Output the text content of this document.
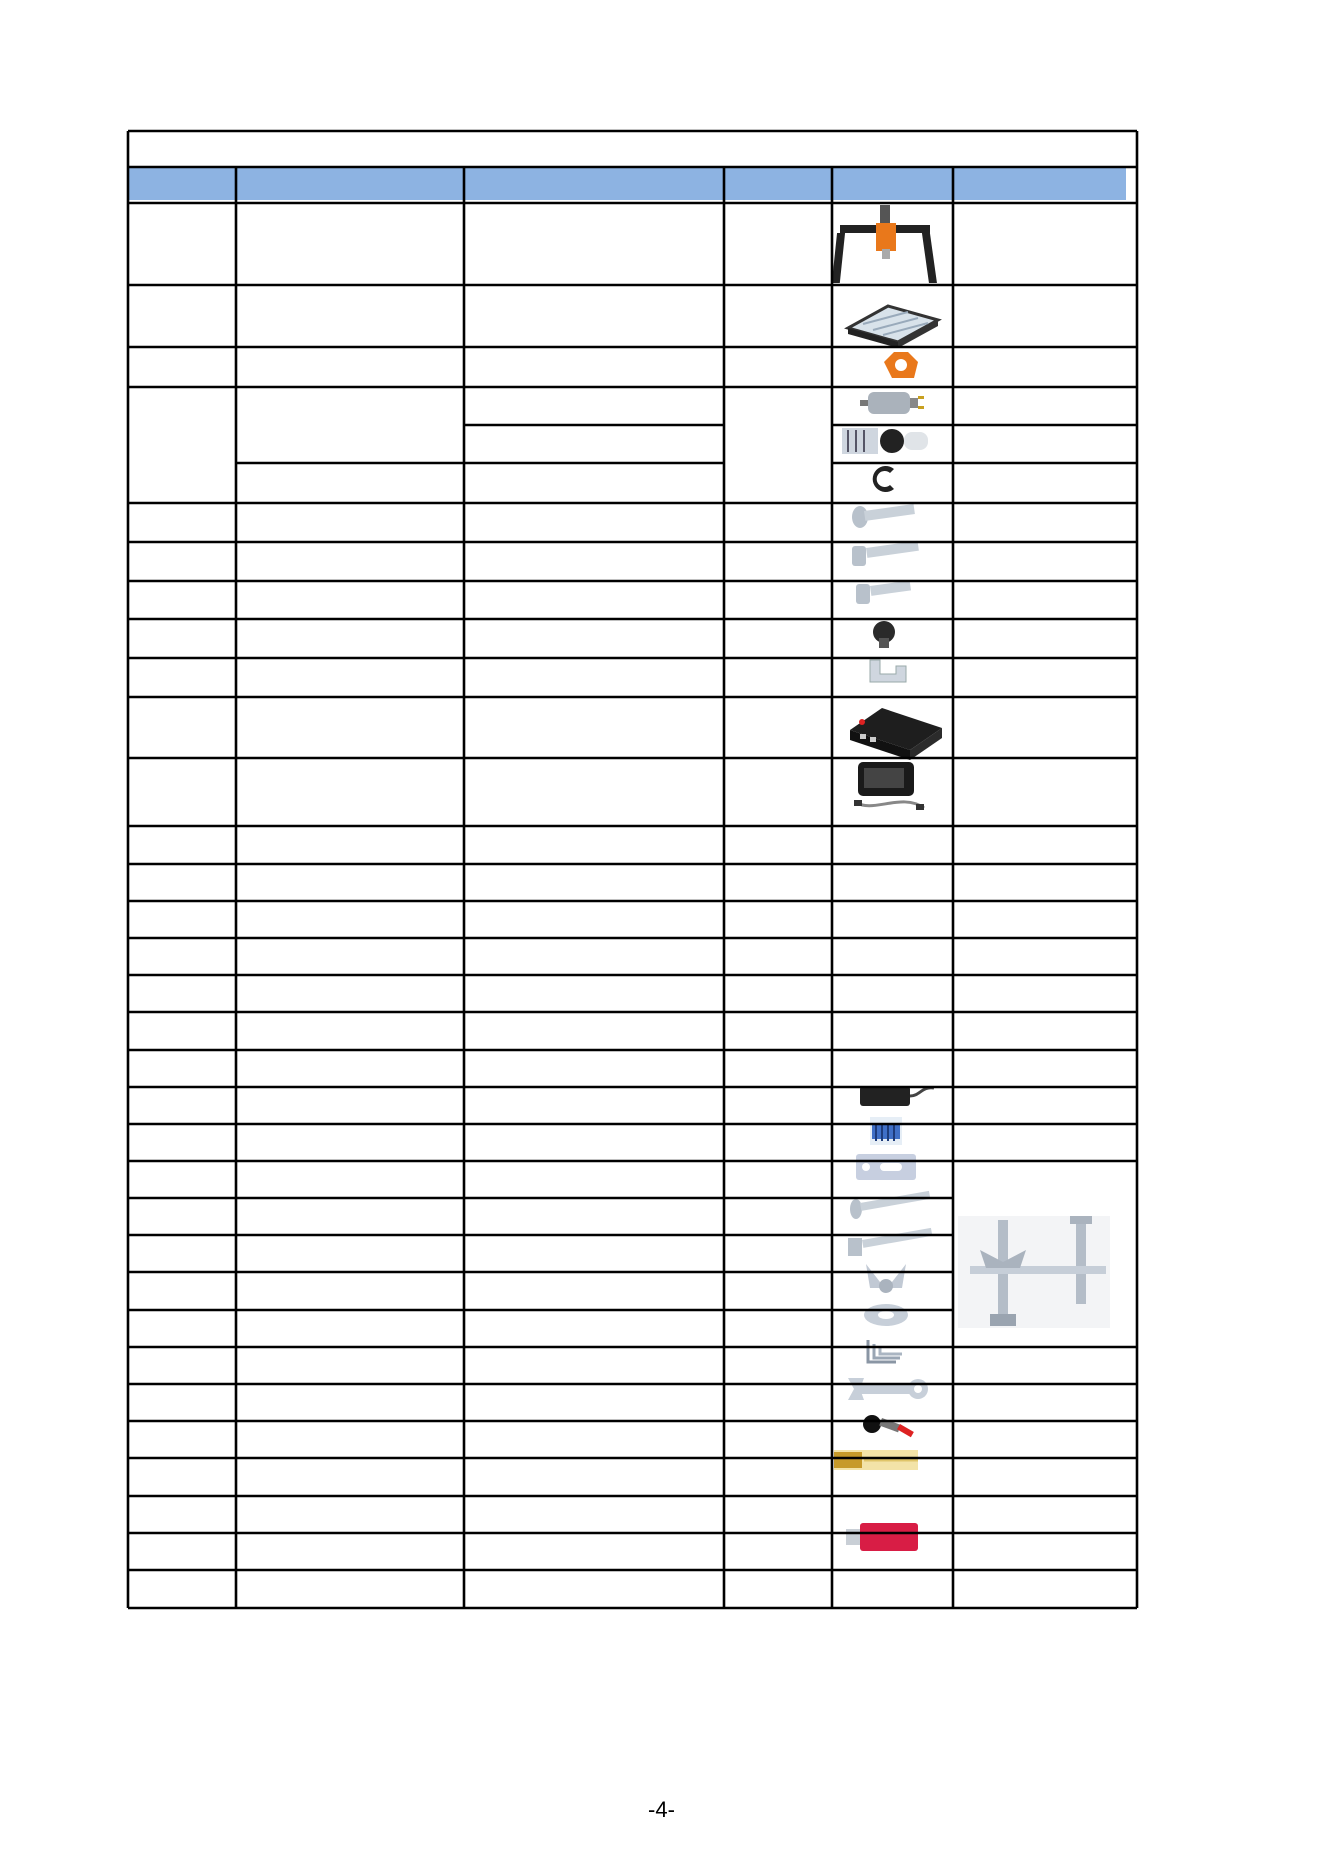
-4-
